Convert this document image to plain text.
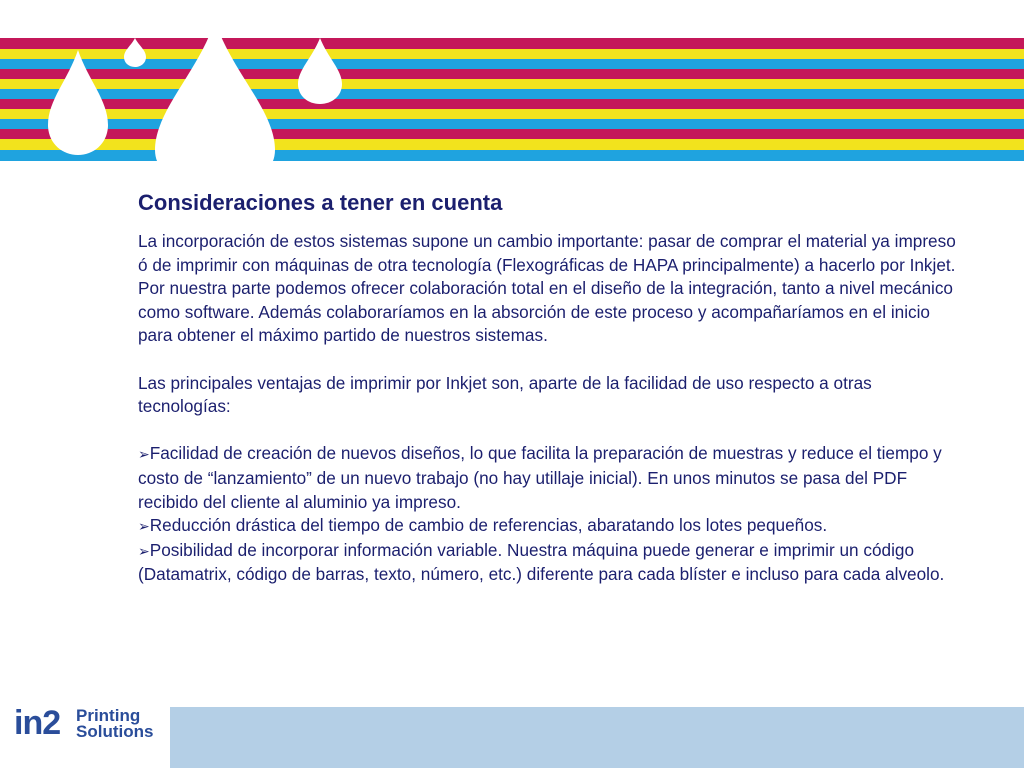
Consideraciones a tener en cuenta

La incorporación de estos sistemas supone un cambio importante: pasar de comprar el material ya impreso ó de imprimir con máquinas de otra tecnología (Flexográficas de HAPA principalmente) a hacerlo por Inkjet.

Por nuestra parte podemos ofrecer colaboración total en el diseño de la integración, tanto a nivel mecánico como software. Además colaboraríamos en la absorción de este proceso y acompañaríamos en el inicio para obtener el máximo partido de nuestros sistemas.

Las principales ventajas de imprimir por Inkjet son, aparte de la facilidad de uso respecto a otras tecnologías:

➢Facilidad de creación de nuevos diseños, lo que facilita la preparación de muestras y reduce el tiempo y costo de “lanzamiento” de un nuevo trabajo (no hay utillaje inicial). En unos minutos se pasa del PDF recibido del cliente al aluminio ya impreso.

➢Reducción drástica del tiempo de cambio de referencias, abaratando los lotes pequeños.

➢Posibilidad de incorporar información variable. Nuestra máquina puede generar e imprimir un código (Datamatrix, código de barras, texto, número, etc.) diferente para cada blíster e incluso para cada alveolo.

in2 Printing
Solutions
